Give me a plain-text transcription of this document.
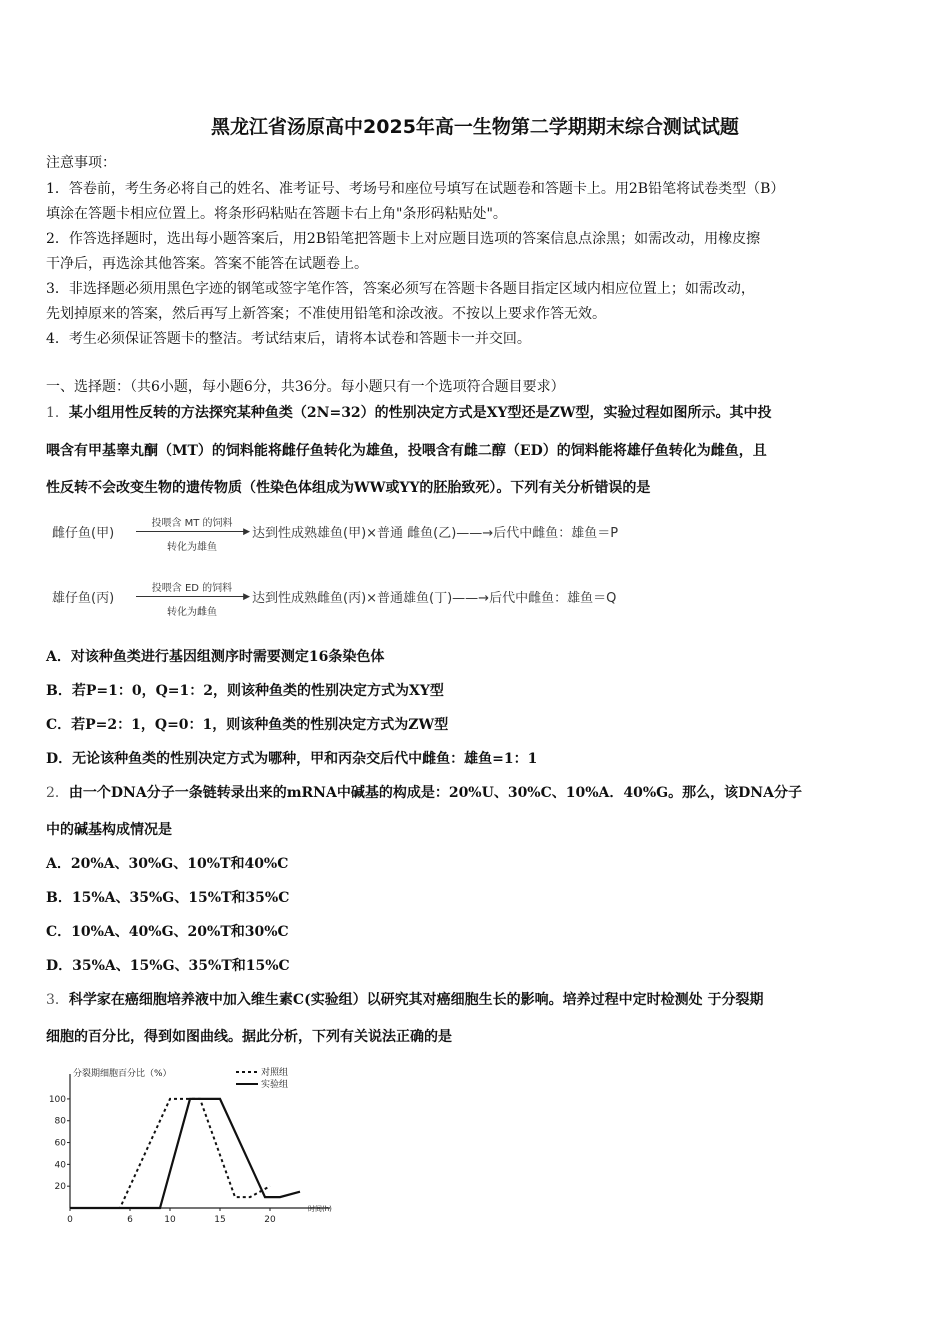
黑龙江省汤原高中2025年高一生物第二学期期末综合测试试题
注意事项：
1．答卷前，考生务必将自己的姓名、准考证号、考场号和座位号填写在试题卷和答题卡上。用2B铅笔将试卷类型（B）
填涂在答题卡相应位置上。将条形码粘贴在答题卡右上角"条形码粘贴处"。
2．作答选择题时，选出每小题答案后，用2B铅笔把答题卡上对应题目选项的答案信息点涂黑；如需改动，用橡皮擦
干净后，再选涂其他答案。答案不能答在试题卷上。
3．非选择题必须用黑色字迹的钢笔或签字笔作答，答案必须写在答题卡各题目指定区域内相应位置上；如需改动，
先划掉原来的答案，然后再写上新答案；不准使用铅笔和涂改液。不按以上要求作答无效。
4．考生必须保证答题卡的整洁。考试结束后，请将本试卷和答题卡一并交回。
一、选择题：（共6小题，每小题6分，共36分。每小题只有一个选项符合题目要求）
1．某小组用性反转的方法探究某种鱼类（2N=32）的性别决定方式是XY型还是ZW型，实验过程如图所示。其中投
喂含有甲基睾丸酮（MT）的饲料能将雌仔鱼转化为雄鱼，投喂含有雌二醇（ED）的饲料能将雄仔鱼转化为雌鱼，且
性反转不会改变生物的遗传物质（性染色体组成为WW或YY的胚胎致死）。下列有关分析错误的是
雌仔鱼(甲)
投喂含 MT 的饲料
▶
转化为雄鱼
达到性成熟雄鱼(甲)×普通 雌鱼(乙)——→后代中雌鱼：雄鱼＝P
雄仔鱼(丙)
投喂含 ED 的饲料
▶
转化为雌鱼
达到性成熟雌鱼(丙)×普通雄鱼(丁)——→后代中雌鱼：雄鱼＝Q
A．对该种鱼类进行基因组测序时需要测定16条染色体
B．若P=1：0，Q=1：2，则该种鱼类的性别决定方式为XY型
C．若P=2：1，Q=0：1，则该种鱼类的性别决定方式为ZW型
D．无论该种鱼类的性别决定方式为哪种，甲和丙杂交后代中雌鱼：雄鱼=1：1
2．由一个DNA分子一条链转录出来的mRNA中碱基的构成是：20%U、30%C、10%A．40%G。那么，该DNA分子
中的碱基构成情况是
A．20%A、30%G、10%T和40%C
B．15%A、35%G、15%T和35%C
C．10%A、40%G、20%T和30%C
D．35%A、15%G、35%T和15%C
3．科学家在癌细胞培养液中加入维生素C(实验组）以研究其对癌细胞生长的影响。培养过程中定时检测处 于分裂期
细胞的百分比，得到如图曲线。据此分析，下列有关说法正确的是
分裂期细胞百分比（%）
时间(h)
20
40
60
80
100
0	6	10	15	20
对照组
实验组
